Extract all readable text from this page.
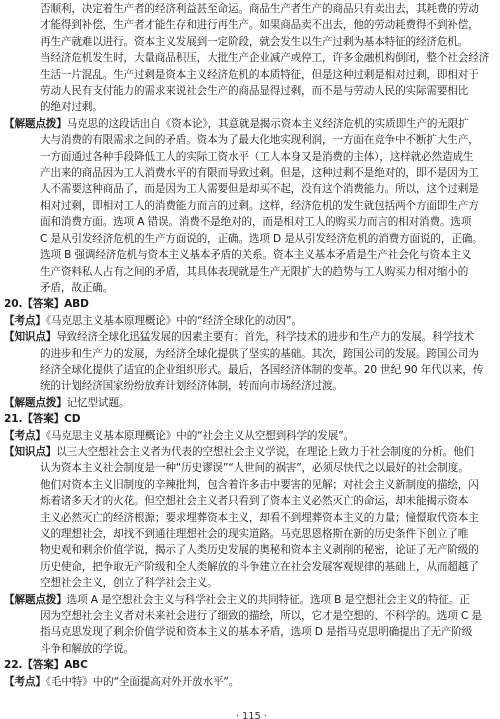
否顺利，决定着生产者的经济利益甚至命运。商品生产者生产的商品只有卖出去，其耗费的劳动
才能得到补偿，生产者才能生存和进行再生产。如果商品卖不出去，他的劳动耗费得不到补偿，
再生产就难以进行。资本主义发展到一定阶段，就会发生以生产过剩为基本特征的经济危机。
当经济危机发生时，大量商品积压，大批生产企业减产或停工，许多金融机构倒闭，整个社会经济
生活一片混乱。生产过剩是资本主义经济危机的本质特征，但是这种过剩是相对过剩，即相对于
劳动人民有支付能力的需求来说社会生产的商品显得过剩，而不是与劳动人民的实际需要相比
的绝对过剩。
【解题点拨】马克思的这段话出自《资本论》，其意就是揭示资本主义经济危机的实质即生产的无限扩
大与消费的有限需求之间的矛盾。资本为了最大化地实现利润，一方面在竞争中不断扩大生产，
一方面通过各种手段降低工人的实际工资水平（工人本身又是消费的主体），这样就必然造成生
产出来的商品因为工人消费水平的有限而导致过剩。但是，这种过剩不是绝对的，即不是因为工
人不需要这种商品了，而是因为工人需要但是却买不起，没有这个消费能力。所以，这个过剩是
相对过剩，即相对工人的消费能力而言的过剩。这样，经济危机的发生就包括两个方面即生产方
面和消费方面。选项 A 错误。消费不是绝对的，而是相对工人的购买力而言的相对消费。选项
C 是从引发经济危机的生产方面说的，正确。选项 D 是从引发经济危机的消费方面说的，正确。
选项 B 强调经济危机与资本主义基本矛盾的关系。资本主义基本矛盾是生产社会化与资本主义
生产资料私人占有之间的矛盾，其具体表现就是生产无限扩大的趋势与工人购买力相对缩小的
矛盾，故正确。
20.【答案】ABD
【考点】《马克思主义基本原理概论》中的“经济全球化的动因”。
【知识点】导致经济全球化迅猛发展的因素主要有：首先，科学技术的进步和生产力的发展。科学技术
的进步和生产力的发展，为经济全球化提供了坚实的基础。其次，跨国公司的发展。跨国公司为
经济全球化提供了适宜的企业组织形式。最后，各国经济体制的变革。20 世纪 90 年代以来，传
统的计划经济国家纷纷放弃计划经济体制，转而向市场经济过渡。
【解题点拨】记忆型试题。
21.【答案】CD
【考点】《马克思主义基本原理概论》中的“社会主义从空想到科学的发展”。
【知识点】以三大空想社会主义者为代表的空想社会主义学说，在理论上致力于社会制度的分析。他们
认为资本主义社会制度是一种“历史谬误”“人世间的祸害”，必须尽快代之以最好的社会制度。
他们对资本主义旧制度的辛辣批判，包含着许多击中要害的见解；对社会主义新制度的描绘，闪
烁着诸多天才的火花。但空想社会主义者只看到了资本主义必然灭亡的命运，却未能揭示资本
主义必然灭亡的经济根源；要求埋葬资本主义，却看不到埋葬资本主义的力量；憧憬取代资本主
义的理想社会，却找不到通往理想社会的现实道路。马克思恩格斯在新的历史条件下创立了唯
物史观和剩余价值学说，揭示了人类历史发展的奥秘和资本主义剥削的秘密，论证了无产阶级的
历史使命，把争取无产阶级和全人类解放的斗争建立在社会发展客观规律的基础上，从而超越了
空想社会主义，创立了科学社会主义。
【解题点拨】选项 A 是空想社会主义与科学社会主义的共同特征。选项 B 是空想社会主义的特征。正
因为空想社会主义者对未来社会进行了细致的描绘，所以，它才是空想的、不科学的。选项 C 是
指马克思发现了剩余价值学说和资本主义的基本矛盾，选项 D 是指马克思明确提出了无产阶级
斗争和解放的学说。
22.【答案】ABC
【考点】《毛中特》中的“全面提高对外开放水平”。
· 115 ·
